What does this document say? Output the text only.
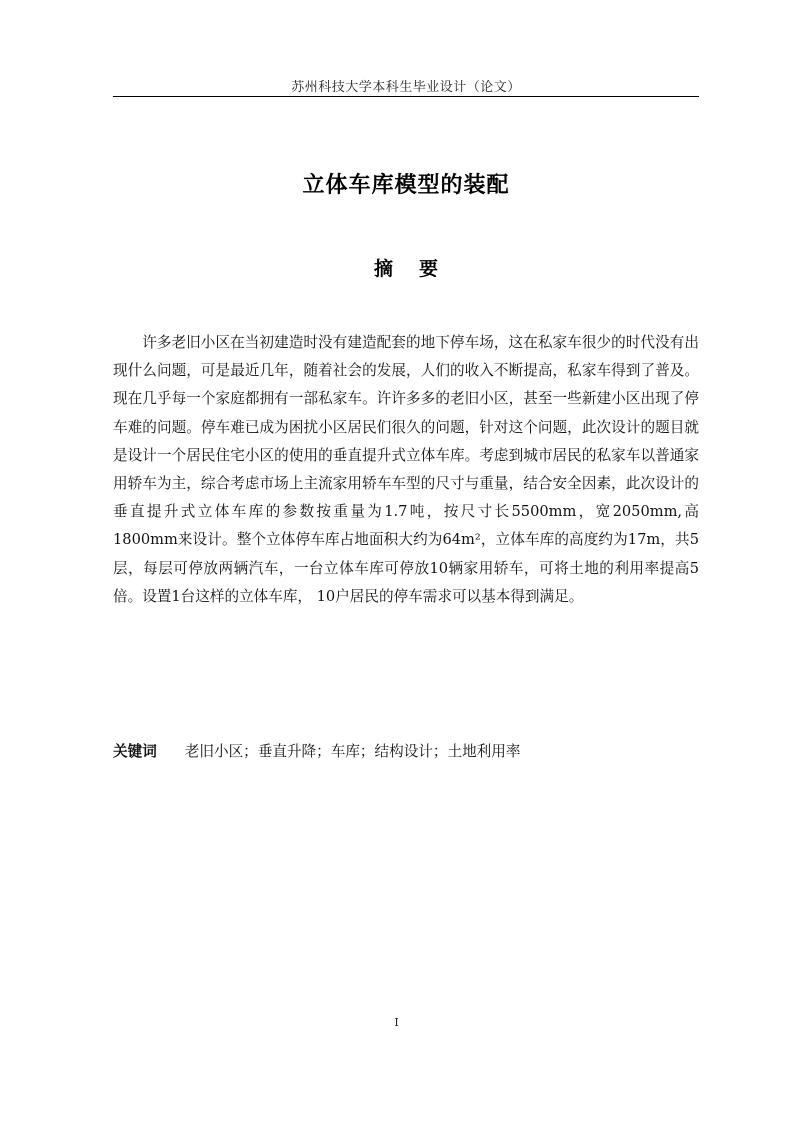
苏州科技大学本科生毕业设计（论文）
立体车库模型的装配
摘 要

许多老旧小区在当初建造时没有建造配套的地下停车场，这在私家车很少的时代没有出现什么问题，可是最近几年，随着社会的发展，人们的收入不断提高，私家车得到了普及。现在几乎每一个家庭都拥有一部私家车。许许多多的老旧小区，甚至一些新建小区出现了停车难的问题。停车难已成为困扰小区居民们很久的问题，针对这个问题，此次设计的题目就是设计一个居民住宅小区的使用的垂直提升式立体车库。考虑到城市居民的私家车以普通家用轿车为主，综合考虑市场上主流家用轿车车型的尺寸与重量，结合安全因素，此次设计的垂直提升式立体车库的参数按重量为1.7吨，按尺寸长5500mm，宽2050mm,高1800mm来设计。整个立体停车库占地面积大约为64m²，立体车库的高度约为17m，共5层，每层可停放两辆汽车，一台立体车库可停放10辆家用轿车，可将土地的利用率提高5倍。设置1台这样的立体车库， 10户居民的停车需求可以基本得到满足。

关键词 老旧小区；垂直升降；车库；结构设计；土地利用率
I
